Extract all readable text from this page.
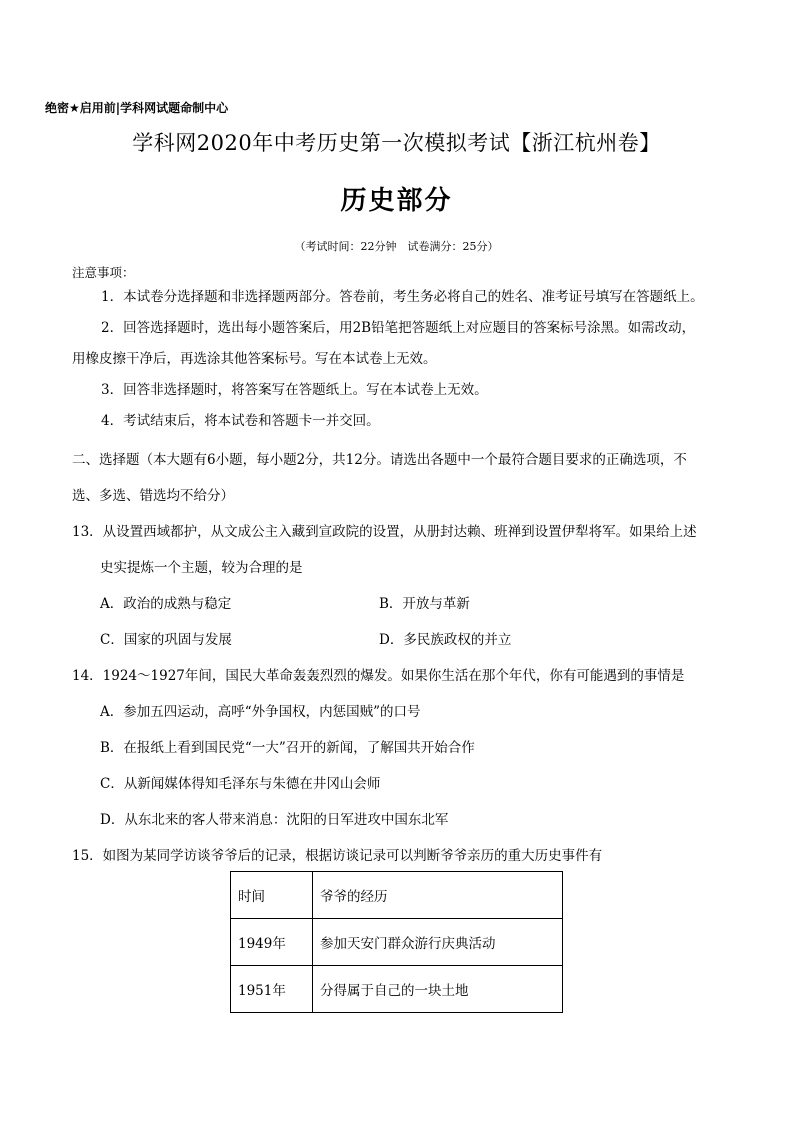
绝密★启用前|学科网试题命制中心
学科网2020年中考历史第一次模拟考试【浙江杭州卷】
历史部分
（考试时间：22分钟　试卷满分：25分）
注意事项：
1．本试卷分选择题和非选择题两部分。答卷前，考生务必将自己的姓名、准考证号填写在答题纸上。
2．回答选择题时，选出每小题答案后，用2B铅笔把答题纸上对应题目的答案标号涂黑。如需改动，
用橡皮擦干净后，再选涂其他答案标号。写在本试卷上无效。
3．回答非选择题时，将答案写在答题纸上。写在本试卷上无效。
4．考试结束后，将本试卷和答题卡一并交回。
二、选择题（本大题有6小题，每小题2分，共12分。请选出各题中一个最符合题目要求的正确选项，不
选、多选、错选均不给分）
13．从设置西域都护，从文成公主入藏到宣政院的设置，从册封达赖、班禅到设置伊犁将军。如果给上述
史实提炼一个主题，较为合理的是
A．政治的成熟与稳定	B．开放与革新
C．国家的巩固与发展	D．多民族政权的并立
14．1924～1927年间，国民大革命轰轰烈烈的爆发。如果你生活在那个年代，你有可能遇到的事情是
A．参加五四运动，高呼“外争国权，内惩国贼”的口号
B．在报纸上看到国民党“一大”召开的新闻，了解国共开始合作
C．从新闻媒体得知毛泽东与朱德在井冈山会师
D．从东北来的客人带来消息：沈阳的日军进攻中国东北军
15．如图为某同学访谈爷爷后的记录，根据访谈记录可以判断爷爷亲历的重大历史事件有
时间	爷爷的经历
1949年	参加天安门群众游行庆典活动
1951年	分得属于自己的一块土地
